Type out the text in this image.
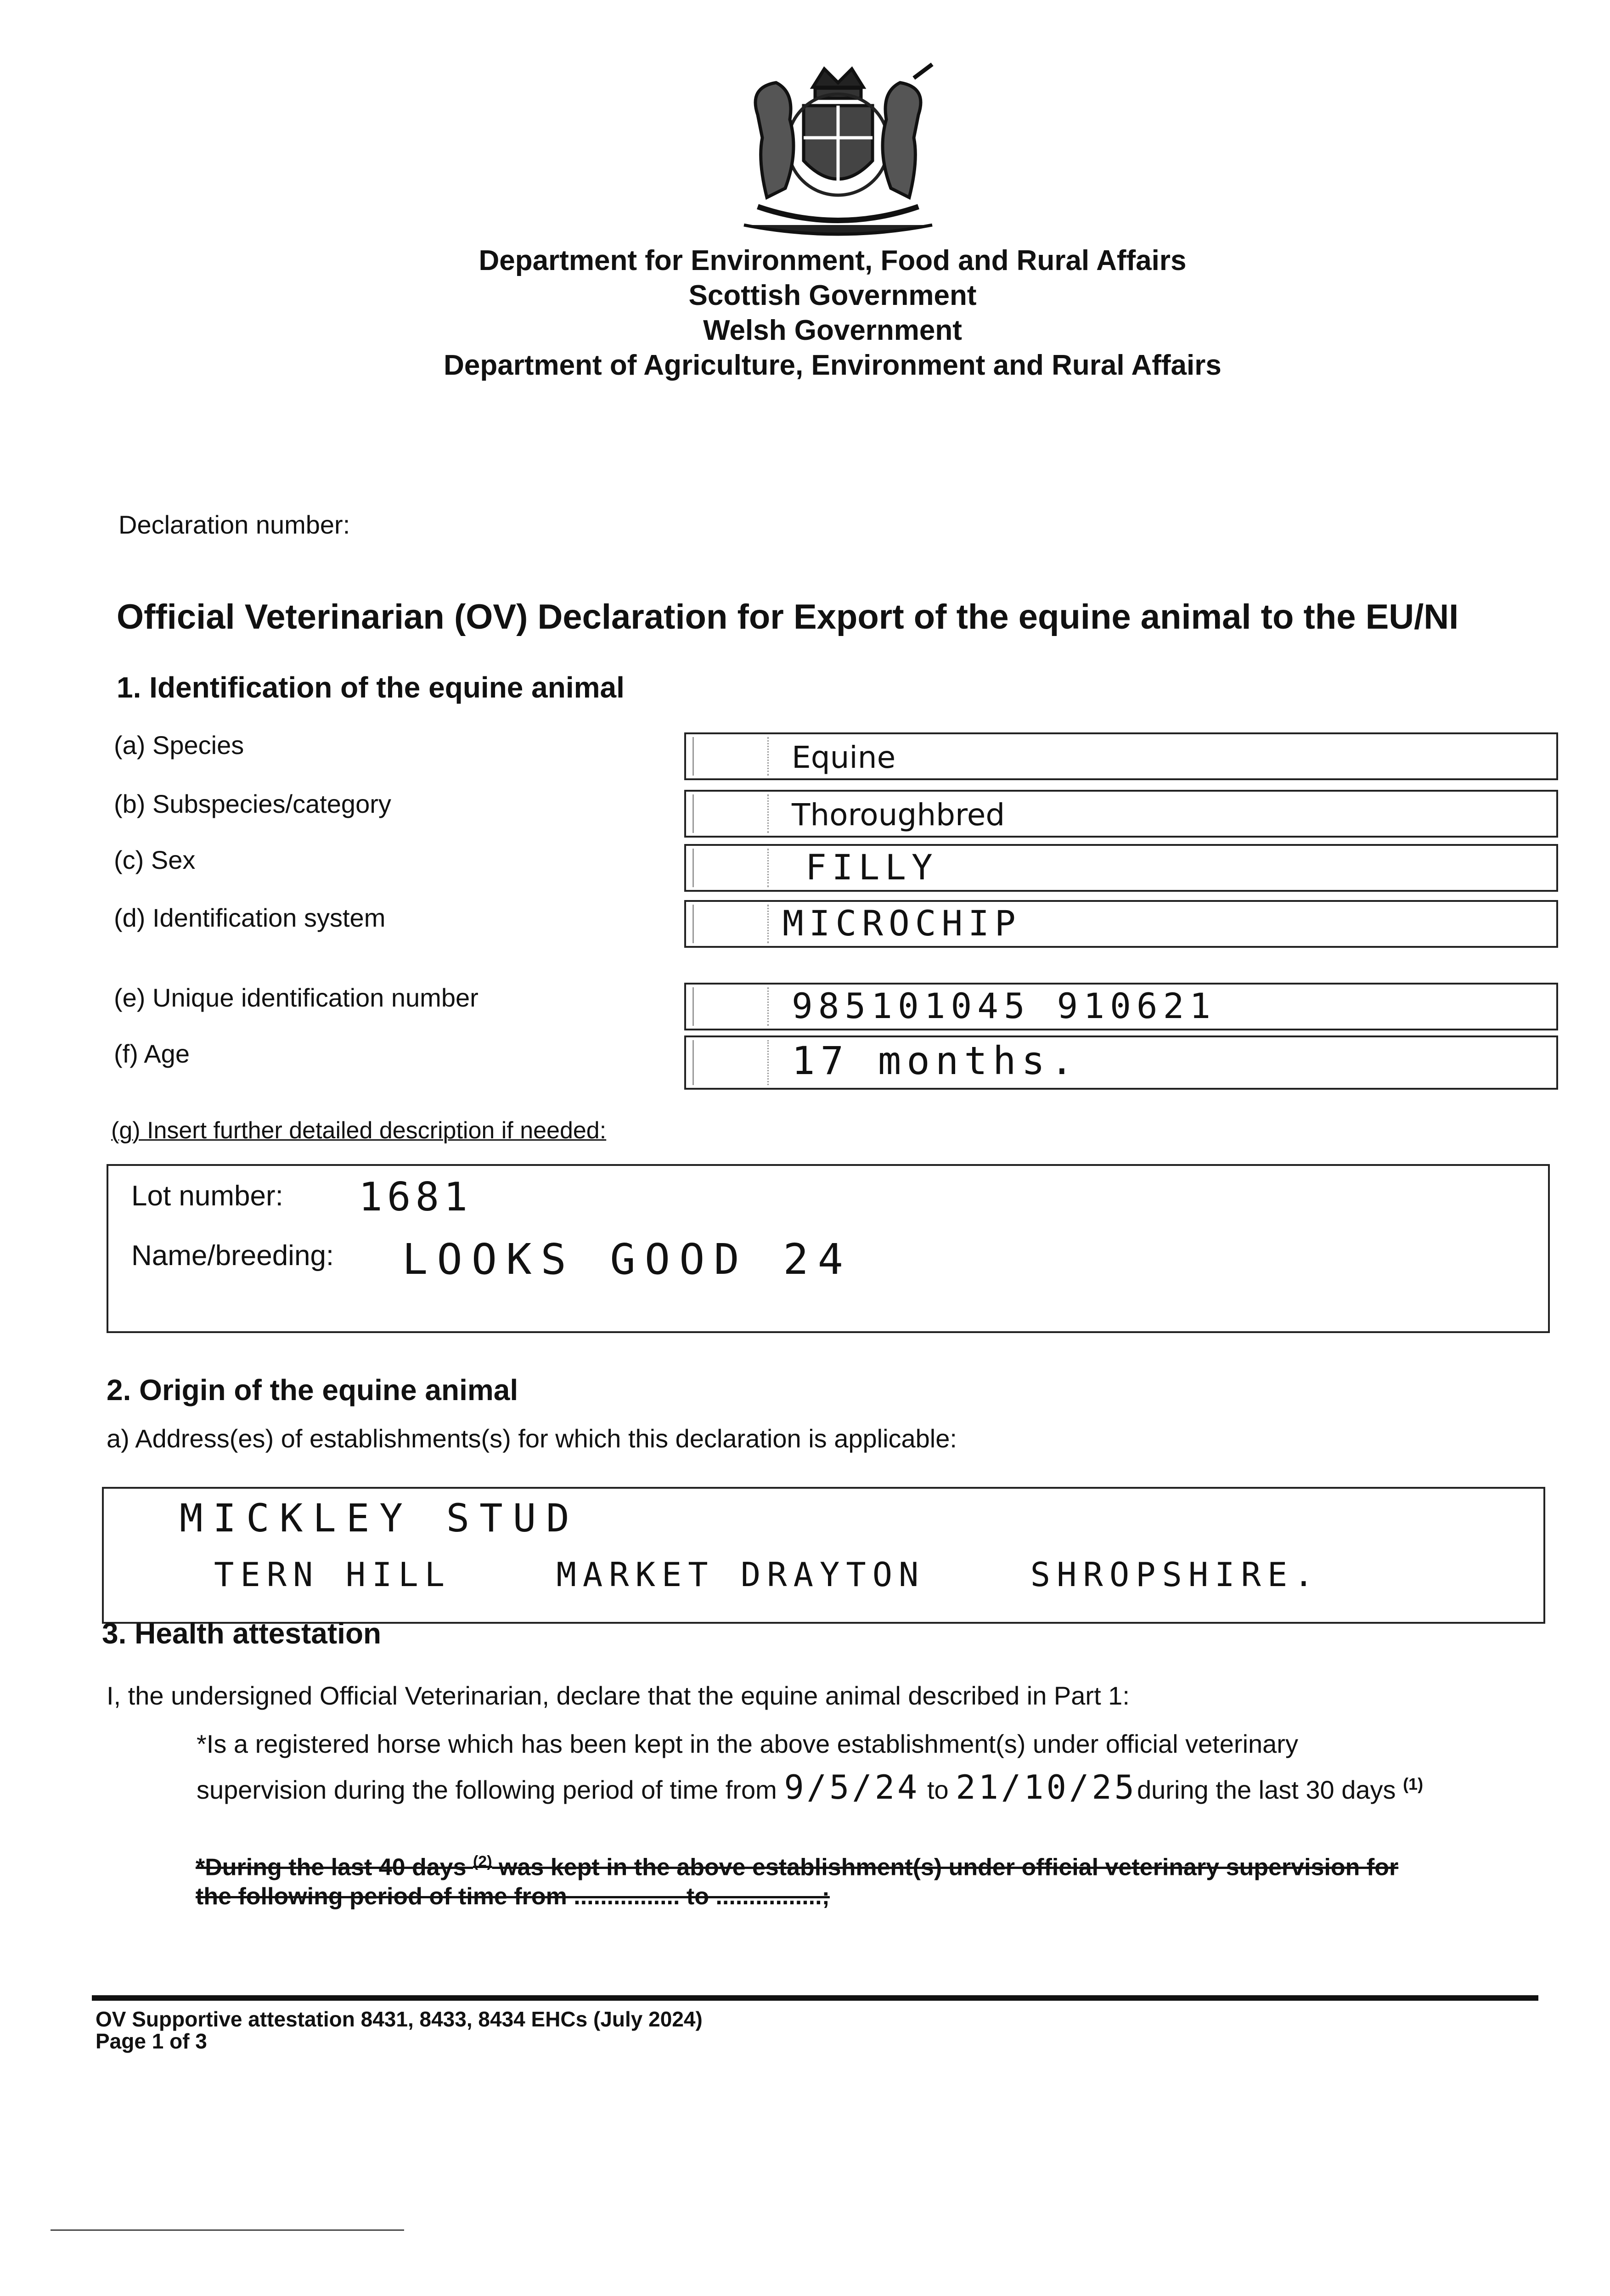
Department for Environment, Food and Rural Affairs
Scottish Government
Welsh Government
Department of Agriculture, Environment and Rural Affairs
Declaration number:
Official Veterinarian (OV) Declaration for Export of the equine animal to the EU/NI
1. Identification of the equine animal
(a) Species
(b) Subspecies/category
(c) Sex
(d) Identification system
(e) Unique identification number
(f) Age
Equine
Thoroughbred
FILLY
MICROCHIP
985101045 910621
17 months.
(g) Insert further detailed description if needed:
Lot number: 1681
Name/breeding: LOOKS GOOD 24
2. Origin of the equine animal
a) Address(es) of establishments(s) for which this declaration is applicable:
MICKLEY STUD
TERN HILL    MARKET DRAYTON    SHROPSHIRE.
3. Health attestation
I, the undersigned Official Veterinarian, declare that the equine animal described in Part 1:
*Is a registered horse which has been kept in the above establishment(s) under official veterinary
supervision during the following period of time from 9/5/24 to 21/10/25during the last 30 days $^{(1)}$
*During the last 40 days $^{(2)}$ was kept in the above establishment(s) under official veterinary supervision for
the following period of time from ................ to ................;
OV Supportive attestation 8431, 8433, 8434 EHCs (July 2024)
Page 1 of 3
